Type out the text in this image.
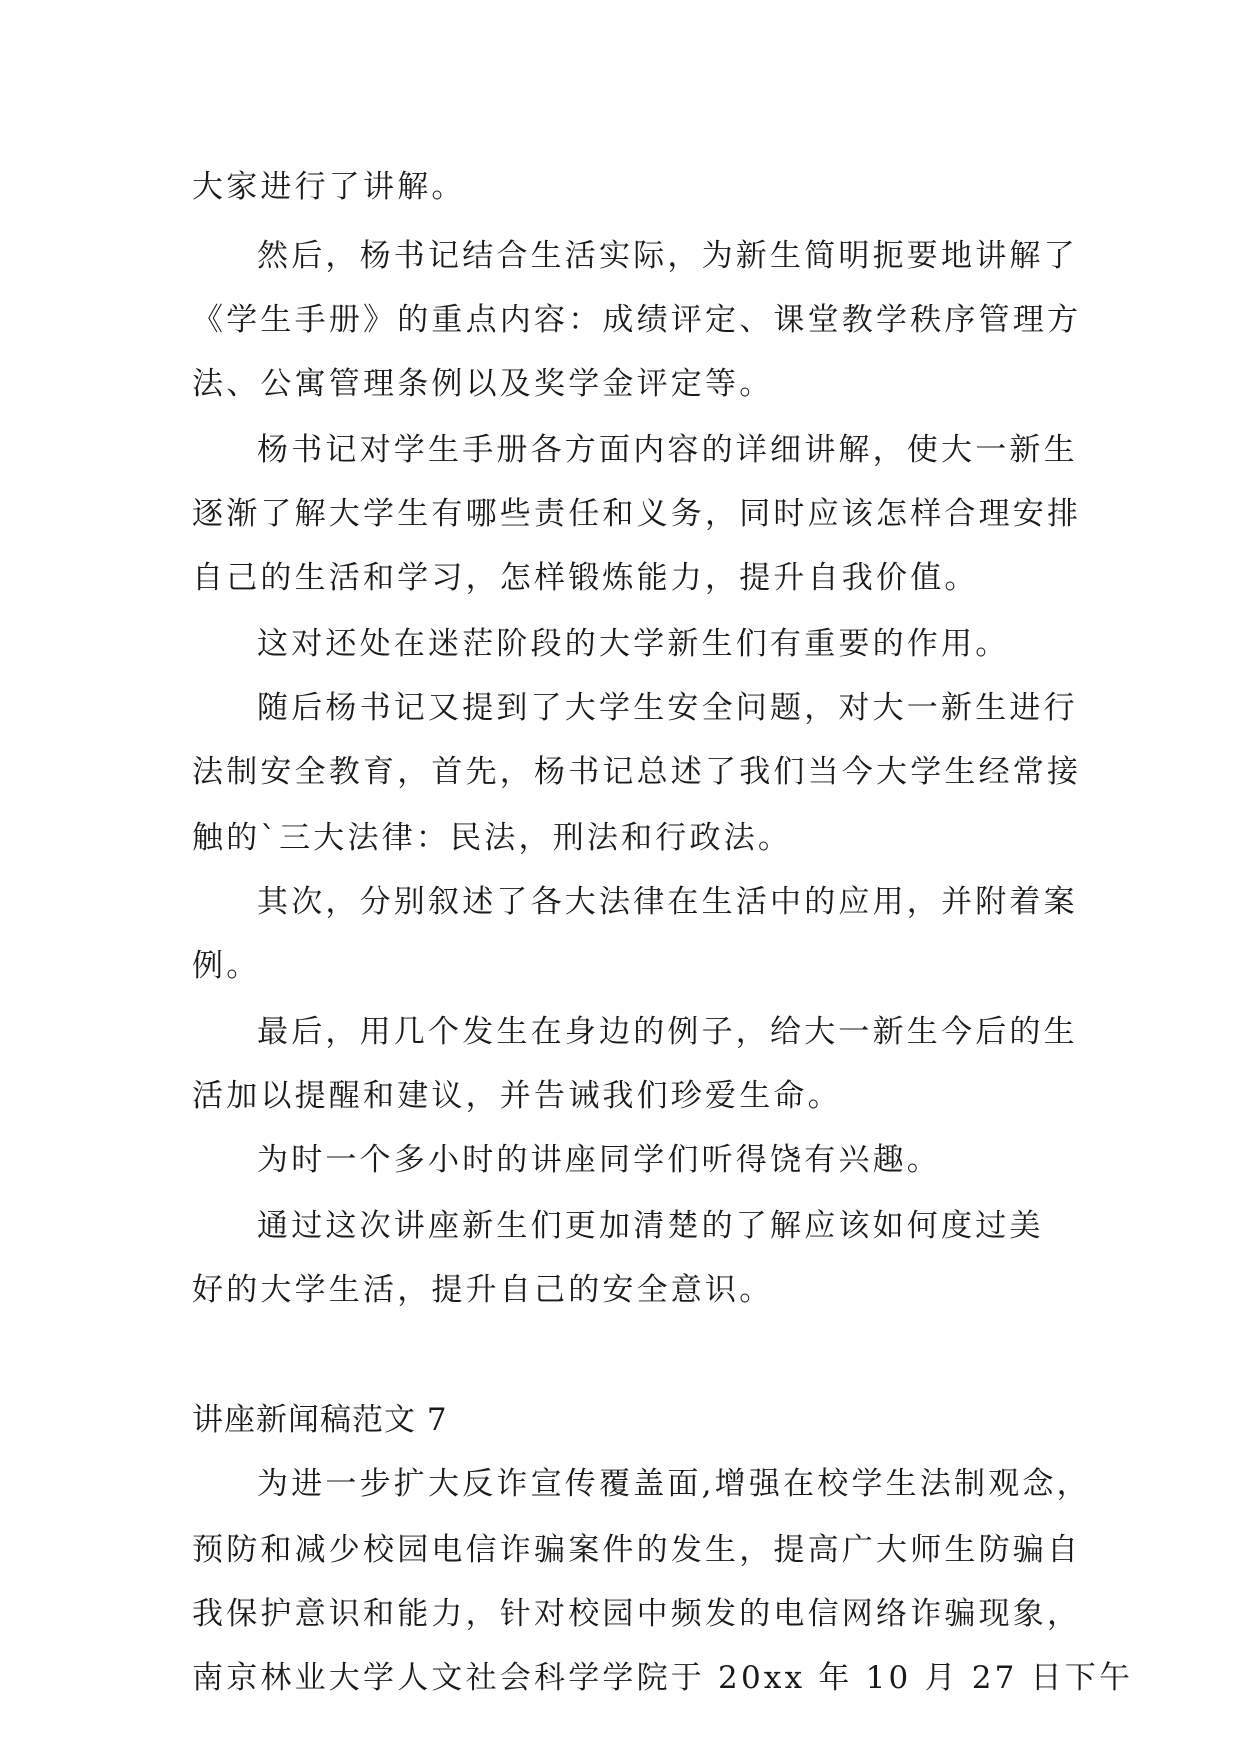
大家进行了讲解。
然后，杨书记结合生活实际，为新生简明扼要地讲解了
《学生手册》的重点内容：成绩评定、课堂教学秩序管理方
法、公寓管理条例以及奖学金评定等。
杨书记对学生手册各方面内容的详细讲解，使大一新生
逐渐了解大学生有哪些责任和义务，同时应该怎样合理安排
自己的生活和学习，怎样锻炼能力，提升自我价值。
这对还处在迷茫阶段的大学新生们有重要的作用。
随后杨书记又提到了大学生安全问题，对大一新生进行
法制安全教育，首先，杨书记总述了我们当今大学生经常接
触的`三大法律：民法，刑法和行政法。
其次，分别叙述了各大法律在生活中的应用，并附着案
例。
最后，用几个发生在身边的例子，给大一新生今后的生
活加以提醒和建议，并告诫我们珍爱生命。
为时一个多小时的讲座同学们听得饶有兴趣。
通过这次讲座新生们更加清楚的了解应该如何度过美
好的大学生活，提升自己的安全意识。
讲座新闻稿范文 7
为进一步扩大反诈宣传覆盖面,增强在校学生法制观念，
预防和减少校园电信诈骗案件的发生，提高广大师生防骗自
我保护意识和能力，针对校园中频发的电信网络诈骗现象，
南京林业大学人文社会科学学院于 20xx 年 10 月 27 日下午
